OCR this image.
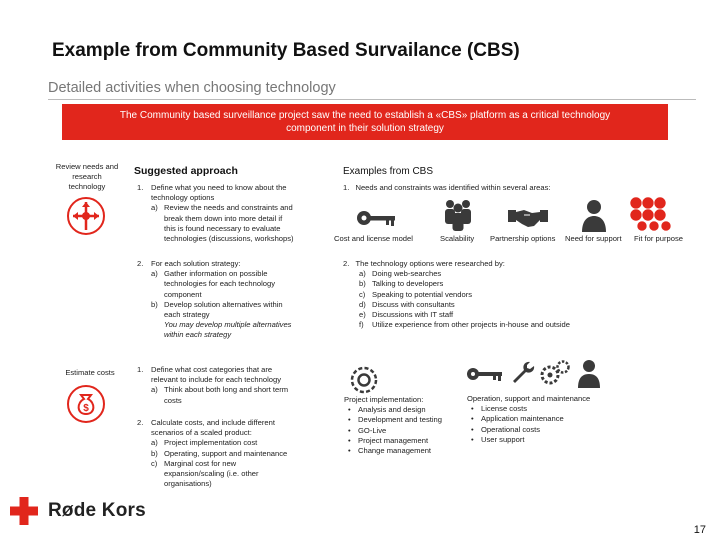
Example from Community Based Survailance (CBS)
Detailed activities when choosing technology
The Community based surveillance project saw the need to establish a «CBS» platform as a critical technology
component in their solution strategy
Review needs and
research
technology
Estimate costs
$
Suggested approach
1. Define what you need to know about the
technology options
a) Review the needs and constraints and
break them down into more detail if
this is found necessary to evaluate
technologies (discussions, workshops)
2. For each solution strategy:
a) Gather information on possible
technologies for each technology
component
b) Develop solution alternatives within
each strategy
You may develop multiple alternatives
within each strategy
1. Define what cost categories that are
relevant to include for each technology
a) Think about both long and short term
costs
2. Calculate costs, and include different
scenarios of a scaled product:
a) Project implementation cost
b) Operating, support and maintenance
c) Marginal cost for new
expansion/scaling (i.e. other
organisations)
Examples from CBS
1. Needs and constraints was identified within several areas:
Cost and license model	Scalability	Partnership options	Need for support	Fit for purpose
2. The technology options were researched by:
a) Doing web-searches
b) Talking to developers
c) Speaking to potential vendors
d) Discuss with consultants
e) Discussions with IT staff
f) Utilize experience from other projects in-house and outside
Project implementation:
• Analysis and design
• Development and testing
• GO-Live
• Project management
• Change management
Operation, support and maintenance
• License costs
• Application maintenance
• Operational costs
• User support
Røde Kors
17
